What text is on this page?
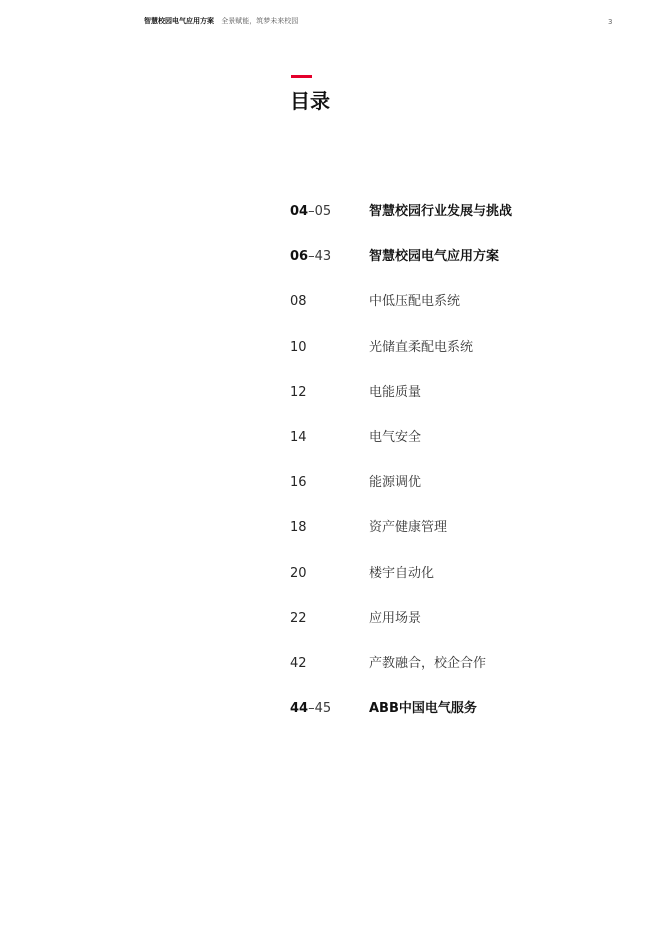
智慧校园电气应用方案 全景赋能，筑梦未来校园	3
目录
04–05	智慧校园行业发展与挑战
06–43	智慧校园电气应用方案
08	中低压配电系统
10	光储直柔配电系统
12	电能质量
14	电气安全
16	能源调优
18	资产健康管理
20	楼宇自动化
22	应用场景
42	产教融合，校企合作
44–45	ABB中国电气服务
